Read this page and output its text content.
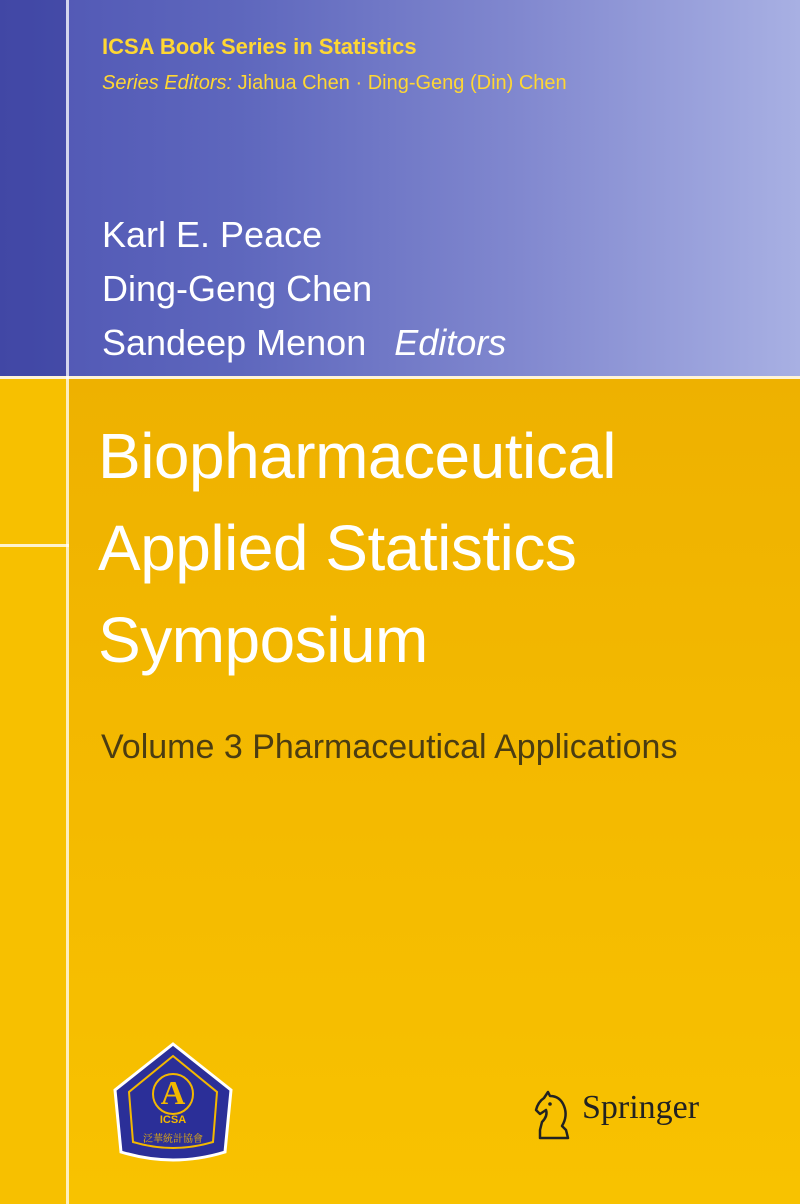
ICSA Book Series in Statistics
Series Editors: Jiahua Chen · Ding-Geng (Din) Chen
Karl E. Peace
Ding-Geng Chen
Sandeep Menon Editors
Biopharmaceutical
Applied Statistics
Symposium
Volume 3 Pharmaceutical Applications
A
ICSA
泛華統計協會
Springer
